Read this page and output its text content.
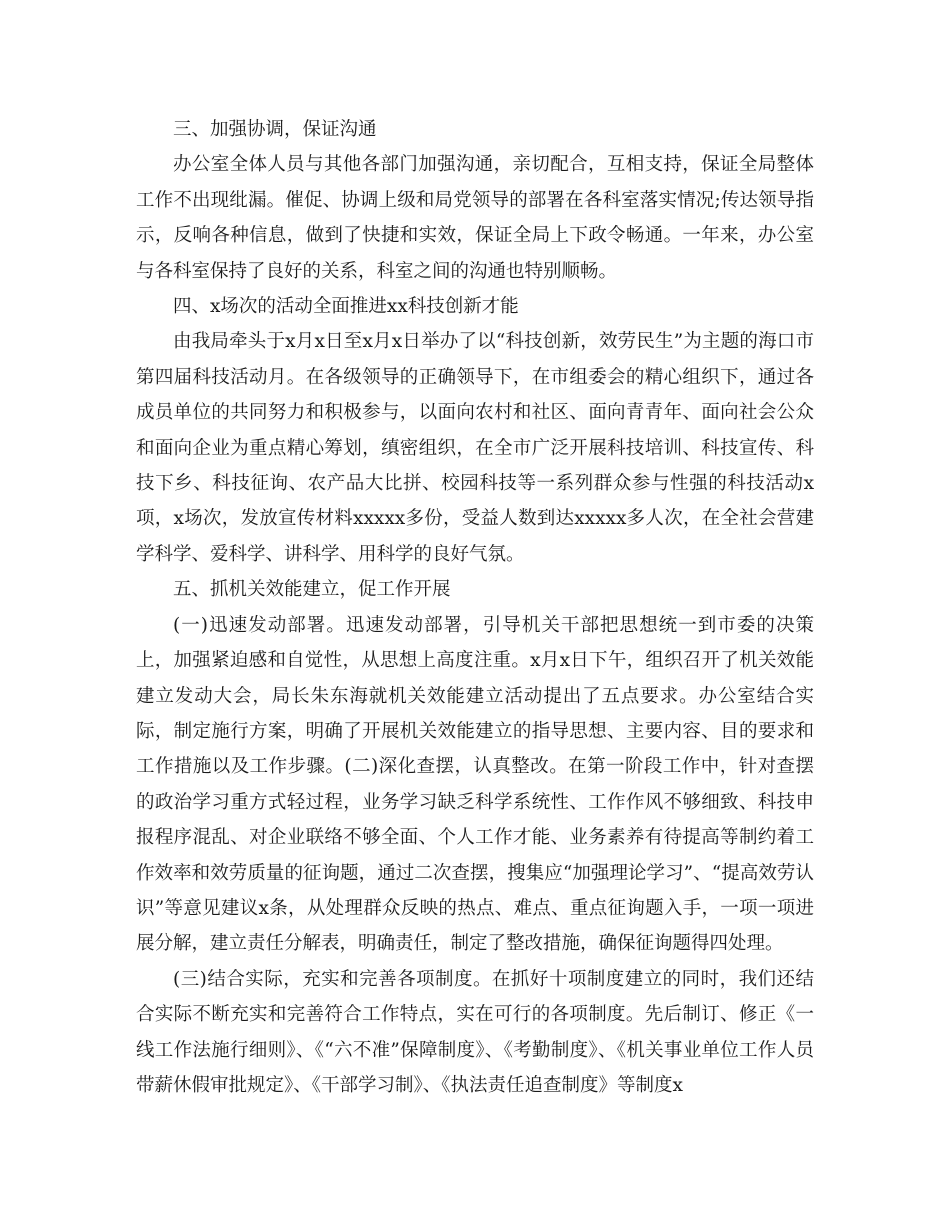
三、加强协调，保证沟通

办公室全体人员与其他各部门加强沟通，亲切配合，互相支持，保证全局整体工作不出现纰漏。催促、协调上级和局党领导的部署在各科室落实情况;传达领导指示，反响各种信息，做到了快捷和实效，保证全局上下政令畅通。一年来，办公室与各科室保持了良好的关系，科室之间的沟通也特别顺畅。

四、x场次的活动全面推进xx科技创新才能

由我局牵头于x月x日至x月x日举办了以“科技创新，效劳民生”为主题的海口市第四届科技活动月。在各级领导的正确领导下，在市组委会的精心组织下，通过各成员单位的共同努力和积极参与，以面向农村和社区、面向青青年、面向社会公众和面向企业为重点精心筹划，缜密组织，在全市广泛开展科技培训、科技宣传、科技下乡、科技征询、农产品大比拼、校园科技等一系列群众参与性强的科技活动x项，x场次，发放宣传材料xxxxx多份，受益人数到达xxxxx多人次，在全社会营建学科学、爱科学、讲科学、用科学的良好气氛。

五、抓机关效能建立，促工作开展

(一)迅速发动部署。迅速发动部署，引导机关干部把思想统一到市委的决策上，加强紧迫感和自觉性，从思想上高度注重。x月x日下午，组织召开了机关效能建立发动大会，局长朱东海就机关效能建立活动提出了五点要求。办公室结合实际，制定施行方案，明确了开展机关效能建立的指导思想、主要内容、目的要求和工作措施以及工作步骤。(二)深化查摆，认真整改。在第一阶段工作中，针对查摆的政治学习重方式轻过程，业务学习缺乏科学系统性、工作作风不够细致、科技申报程序混乱、对企业联络不够全面、个人工作才能、业务素养有待提高等制约着工作效率和效劳质量的征询题，通过二次查摆，搜集应“加强理论学习”、“提高效劳认识”等意见建议x条，从处理群众反映的热点、难点、重点征询题入手，一项一项进展分解，建立责任分解表，明确责任，制定了整改措施，确保征询题得四处理。

(三)结合实际，充实和完善各项制度。在抓好十项制度建立的同时，我们还结合实际不断充实和完善符合工作特点，实在可行的各项制度。先后制订、修正《一线工作法施行细则》、《“六不准”保障制度》、《考勤制度》、《机关事业单位工作人员带薪休假审批规定》、《干部学习制》、《执法责任追查制度》等制度x
